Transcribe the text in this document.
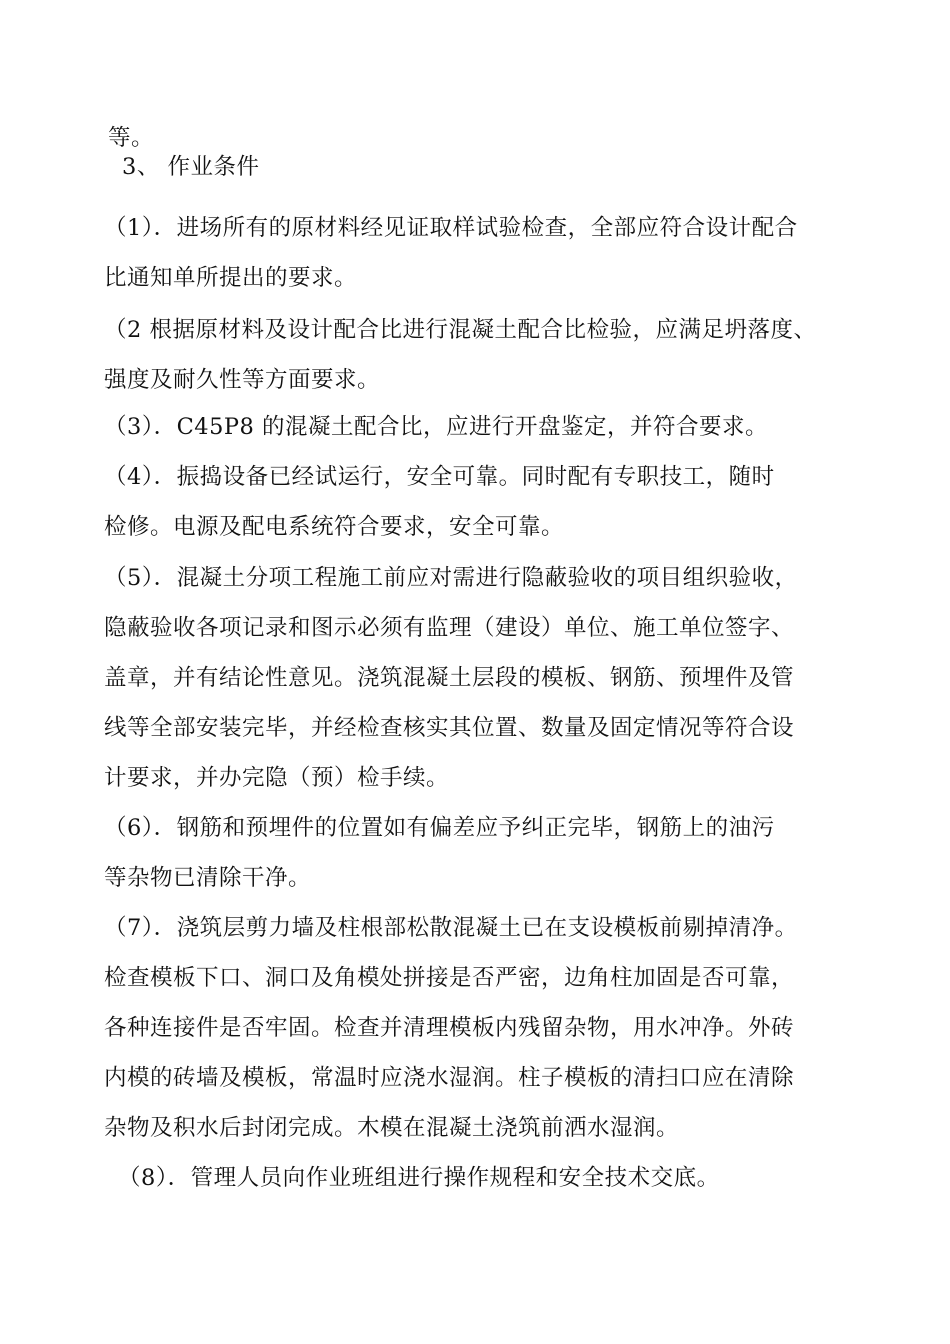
等。
3、 作业条件
（1）．进场所有的原材料经见证取样试验检查，全部应符合设计配合
比通知单所提出的要求。
（2 根据原材料及设计配合比进行混凝土配合比检验，应满足坍落度、
强度及耐久性等方面要求。
（3）．C45P8 的混凝土配合比，应进行开盘鉴定，并符合要求。
（4）．振捣设备已经试运行，安全可靠。同时配有专职技工，随时
检修。电源及配电系统符合要求，安全可靠。
（5）．混凝土分项工程施工前应对需进行隐蔽验收的项目组织验收，
隐蔽验收各项记录和图示必须有监理（建设）单位、施工单位签字、
盖章，并有结论性意见。浇筑混凝土层段的模板、钢筋、预埋件及管
线等全部安装完毕，并经检查核实其位置、数量及固定情况等符合设
计要求，并办完隐（预）检手续。
（6）．钢筋和预埋件的位置如有偏差应予纠正完毕，钢筋上的油污
等杂物已清除干净。
（7）．浇筑层剪力墙及柱根部松散混凝土已在支设模板前剔掉清净。
检查模板下口、洞口及角模处拼接是否严密，边角柱加固是否可靠，
各种连接件是否牢固。检查并清理模板内残留杂物，用水冲净。外砖
内模的砖墙及模板，常温时应浇水湿润。柱子模板的清扫口应在清除
杂物及积水后封闭完成。木模在混凝土浇筑前洒水湿润。
（8）．管理人员向作业班组进行操作规程和安全技术交底。
